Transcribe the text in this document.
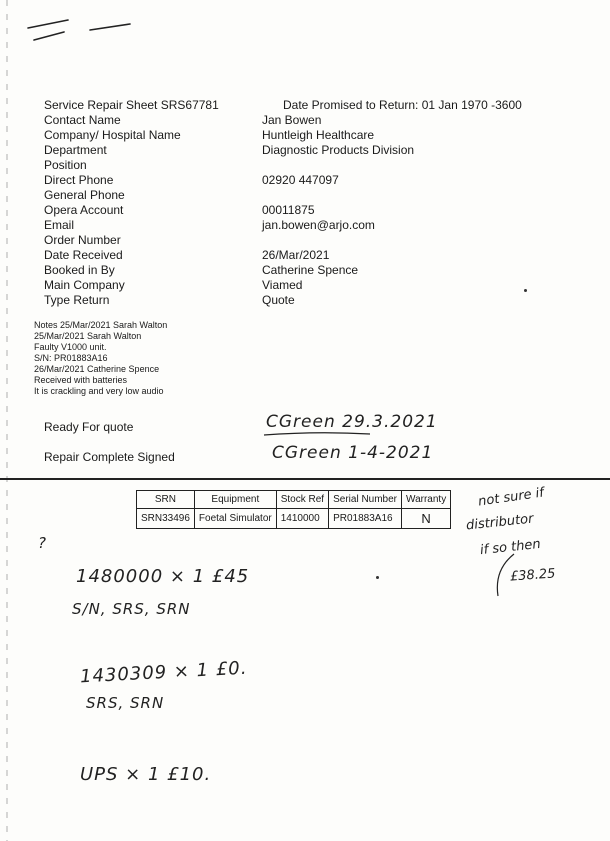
Service Repair Sheet SRS67781	Date Promised to Return: 01 Jan 1970 -3600
Contact Name	Jan Bowen
Company/ Hospital Name	Huntleigh Healthcare
Department	Diagnostic Products Division
Position
Direct Phone	02920 447097
General Phone
Opera Account	00011875
Email	jan.bowen@arjo.com
Order Number
Date Received	26/Mar/2021
Booked in By	Catherine Spence
Main Company	Viamed
Type Return	Quote
Notes 25/Mar/2021 Sarah Walton
25/Mar/2021 Sarah Walton
Faulty V1000 unit.
S/N: PR01883A16
26/Mar/2021 Catherine Spence
Received with batteries
It is crackling and very low audio
Ready For quote	CGreen 29.3.2021
Repair Complete Signed	CGreen 1-4-2021
SRN	Equipment	Stock Ref	Serial Number	Warranty
SRN33496	Foetal Simulator	1410000	PR01883A16	N
not sure if
distributor
if so then
£38.25
?
1480000 × 1 £45
S/N, SRS, SRN
1430309 × 1 £0.
SRS, SRN
UPS × 1 £10.
